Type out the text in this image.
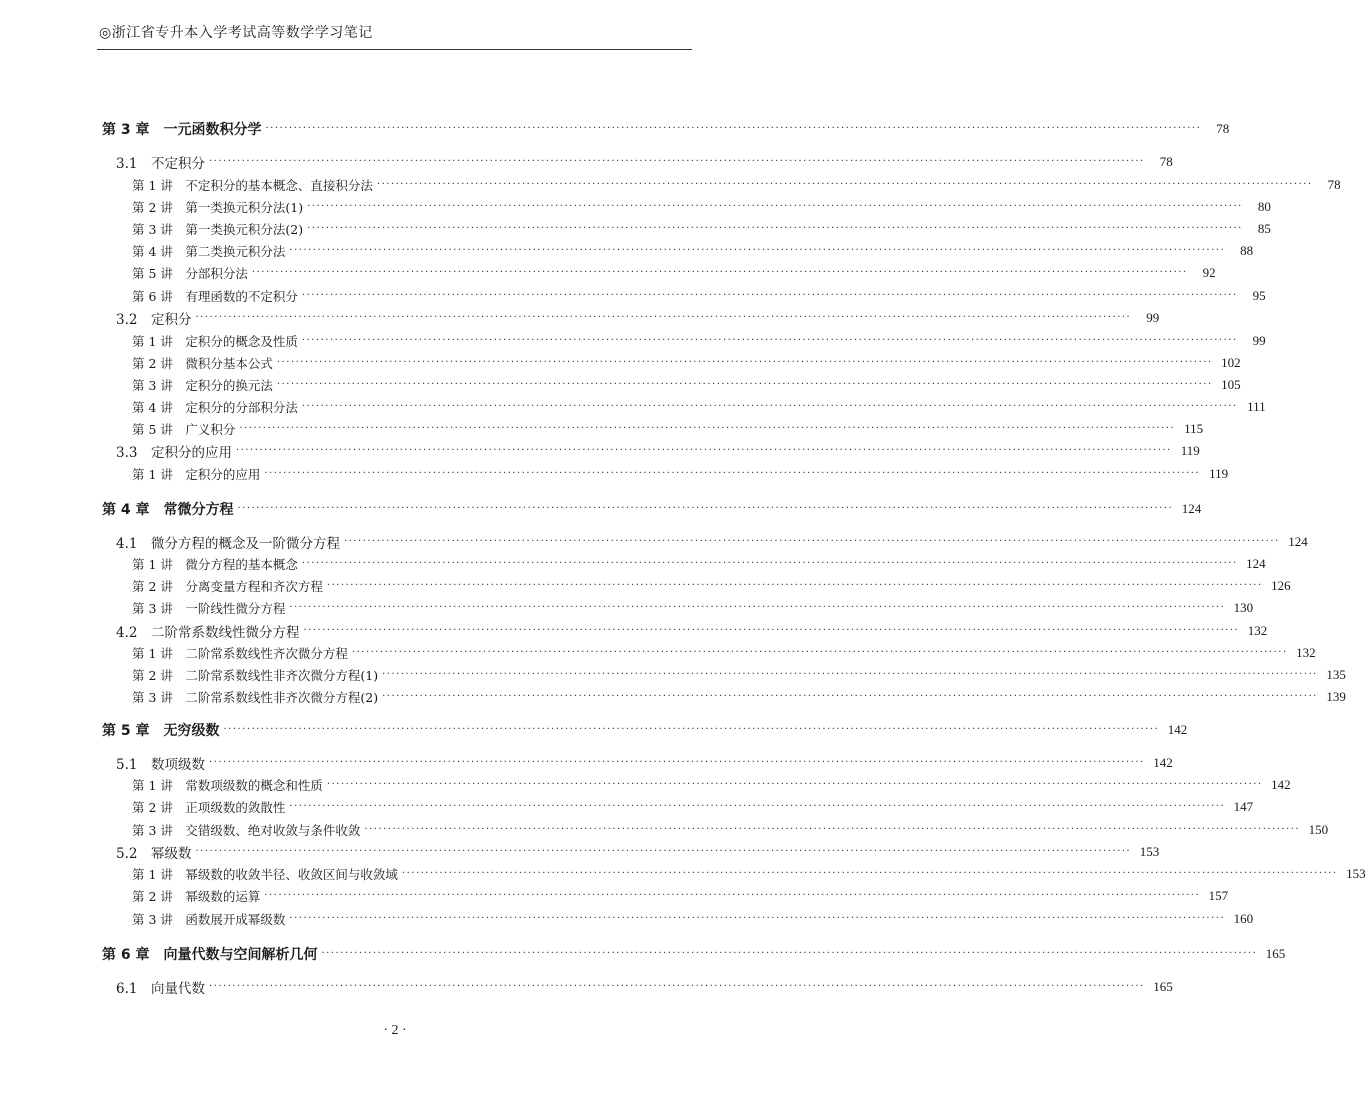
◎浙江省专升本入学考试高等数学学习笔记
第 3 章　一元函数积分学 ········································································································································································································	78
3.1　不定积分 ········································································································································································································	78
第 1 讲　不定积分的基本概念、直接积分法 ········································································································································································································	78
第 2 讲　第一类换元积分法(1) ········································································································································································································	80
第 3 讲　第一类换元积分法(2) ········································································································································································································	85
第 4 讲　第二类换元积分法 ········································································································································································································	88
第 5 讲　分部积分法 ········································································································································································································	92
第 6 讲　有理函数的不定积分 ········································································································································································································	95
3.2　定积分 ········································································································································································································	99
第 1 讲　定积分的概念及性质 ········································································································································································································	99
第 2 讲　微积分基本公式 ········································································································································································································ 102
第 3 讲　定积分的换元法 ········································································································································································································ 105
第 4 讲　定积分的分部积分法 ········································································································································································································ 111
第 5 讲　广义积分 ········································································································································································································ 115
3.3　定积分的应用 ········································································································································································································ 119
第 1 讲　定积分的应用 ········································································································································································································ 119
第 4 章　常微分方程 ········································································································································································································ 124
4.1　微分方程的概念及一阶微分方程 ········································································································································································································ 124
第 1 讲　微分方程的基本概念 ········································································································································································································ 124
第 2 讲　分离变量方程和齐次方程 ········································································································································································································ 126
第 3 讲　一阶线性微分方程 ········································································································································································································ 130
4.2　二阶常系数线性微分方程 ········································································································································································································ 132
第 1 讲　二阶常系数线性齐次微分方程 ········································································································································································································ 132
第 2 讲　二阶常系数线性非齐次微分方程(1) ········································································································································································································ 135
第 3 讲　二阶常系数线性非齐次微分方程(2) ········································································································································································································ 139
第 5 章　无穷级数 ········································································································································································································ 142
5.1　数项级数 ········································································································································································································ 142
第 1 讲　常数项级数的概念和性质 ········································································································································································································ 142
第 2 讲　正项级数的敛散性 ········································································································································································································ 147
第 3 讲　交错级数、绝对收敛与条件收敛 ········································································································································································································ 150
5.2　幂级数 ········································································································································································································ 153
第 1 讲　幂级数的收敛半径、收敛区间与收敛域 ········································································································································································································ 153
第 2 讲　幂级数的运算 ········································································································································································································ 157
第 3 讲　函数展开成幂级数 ········································································································································································································ 160
第 6 章　向量代数与空间解析几何 ········································································································································································································ 165
6.1　向量代数 ········································································································································································································ 165
· 2 ·
